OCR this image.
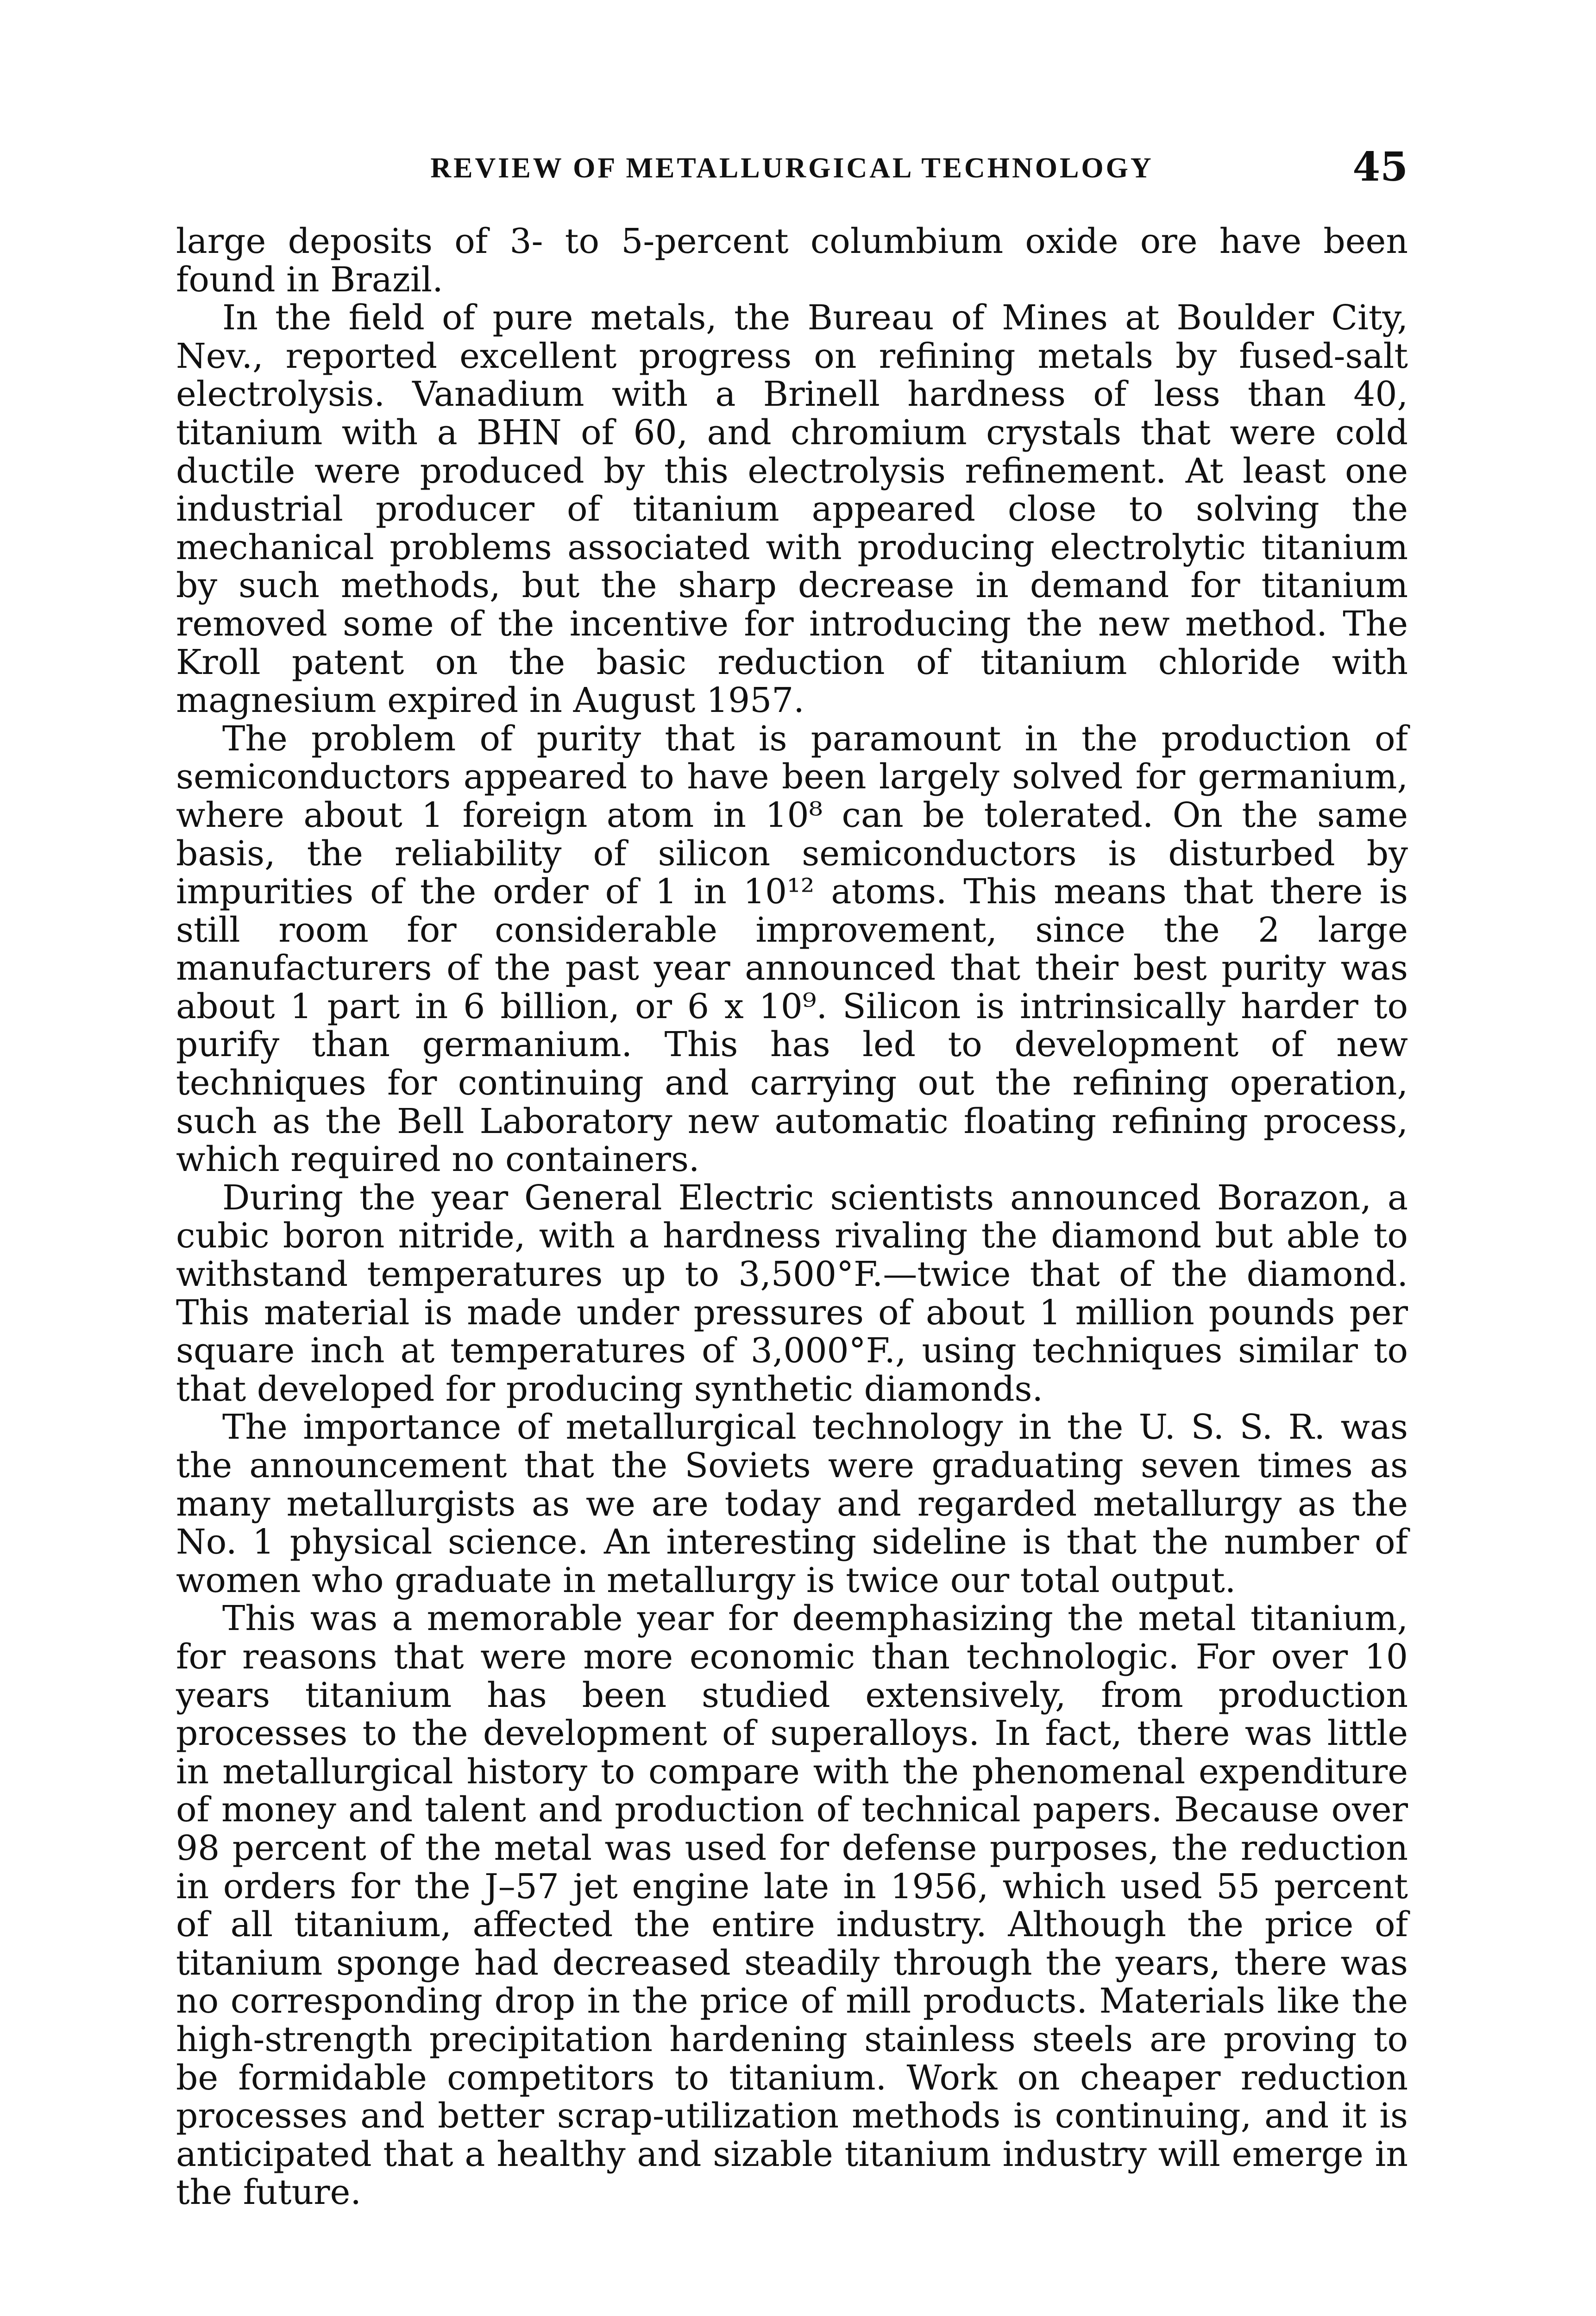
REVIEW OF METALLURGICAL TECHNOLOGY	45

large deposits of 3- to 5-percent columbium oxide ore have been found in Brazil.

In the field of pure metals, the Bureau of Mines at Boulder City, Nev., reported excellent progress on refining metals by fused-salt electrolysis. Vanadium with a Brinell hardness of less than 40, titanium with a BHN of 60, and chromium crystals that were cold ductile were produced by this electrolysis refinement. At least one industrial producer of titanium appeared close to solving the mechanical problems associated with producing electrolytic titanium by such methods, but the sharp decrease in demand for titanium removed some of the incentive for introducing the new method. The Kroll patent on the basic reduction of titanium chloride with magnesium expired in August 1957.

The problem of purity that is paramount in the production of semiconductors appeared to have been largely solved for germanium, where about 1 foreign atom in 10⁸ can be tolerated. On the same basis, the reliability of silicon semiconductors is disturbed by impurities of the order of 1 in 10¹² atoms. This means that there is still room for considerable improvement, since the 2 large manufacturers of the past year announced that their best purity was about 1 part in 6 billion, or 6 x 10⁹. Silicon is intrinsically harder to purify than germanium. This has led to development of new techniques for continuing and carrying out the refining operation, such as the Bell Laboratory new automatic floating refining process, which required no containers.

During the year General Electric scientists announced Borazon, a cubic boron nitride, with a hardness rivaling the diamond but able to withstand temperatures up to 3,500°F.—twice that of the diamond. This material is made under pressures of about 1 million pounds per square inch at temperatures of 3,000°F., using techniques similar to that developed for producing synthetic diamonds.

The importance of metallurgical technology in the U. S. S. R. was the announcement that the Soviets were graduating seven times as many metallurgists as we are today and regarded metallurgy as the No. 1 physical science. An interesting sideline is that the number of women who graduate in metallurgy is twice our total output.

This was a memorable year for deemphasizing the metal titanium, for reasons that were more economic than technologic. For over 10 years titanium has been studied extensively, from production processes to the development of superalloys. In fact, there was little in metallurgical history to compare with the phenomenal expenditure of money and talent and production of technical papers. Because over 98 percent of the metal was used for defense purposes, the reduction in orders for the J–57 jet engine late in 1956, which used 55 percent of all titanium, affected the entire industry. Although the price of titanium sponge had decreased steadily through the years, there was no corresponding drop in the price of mill products. Materials like the high-strength precipitation hardening stainless steels are proving to be formidable competitors to titanium. Work on cheaper reduction processes and better scrap-utilization methods is continuing, and it is anticipated that a healthy and sizable titanium industry will emerge in the future.
